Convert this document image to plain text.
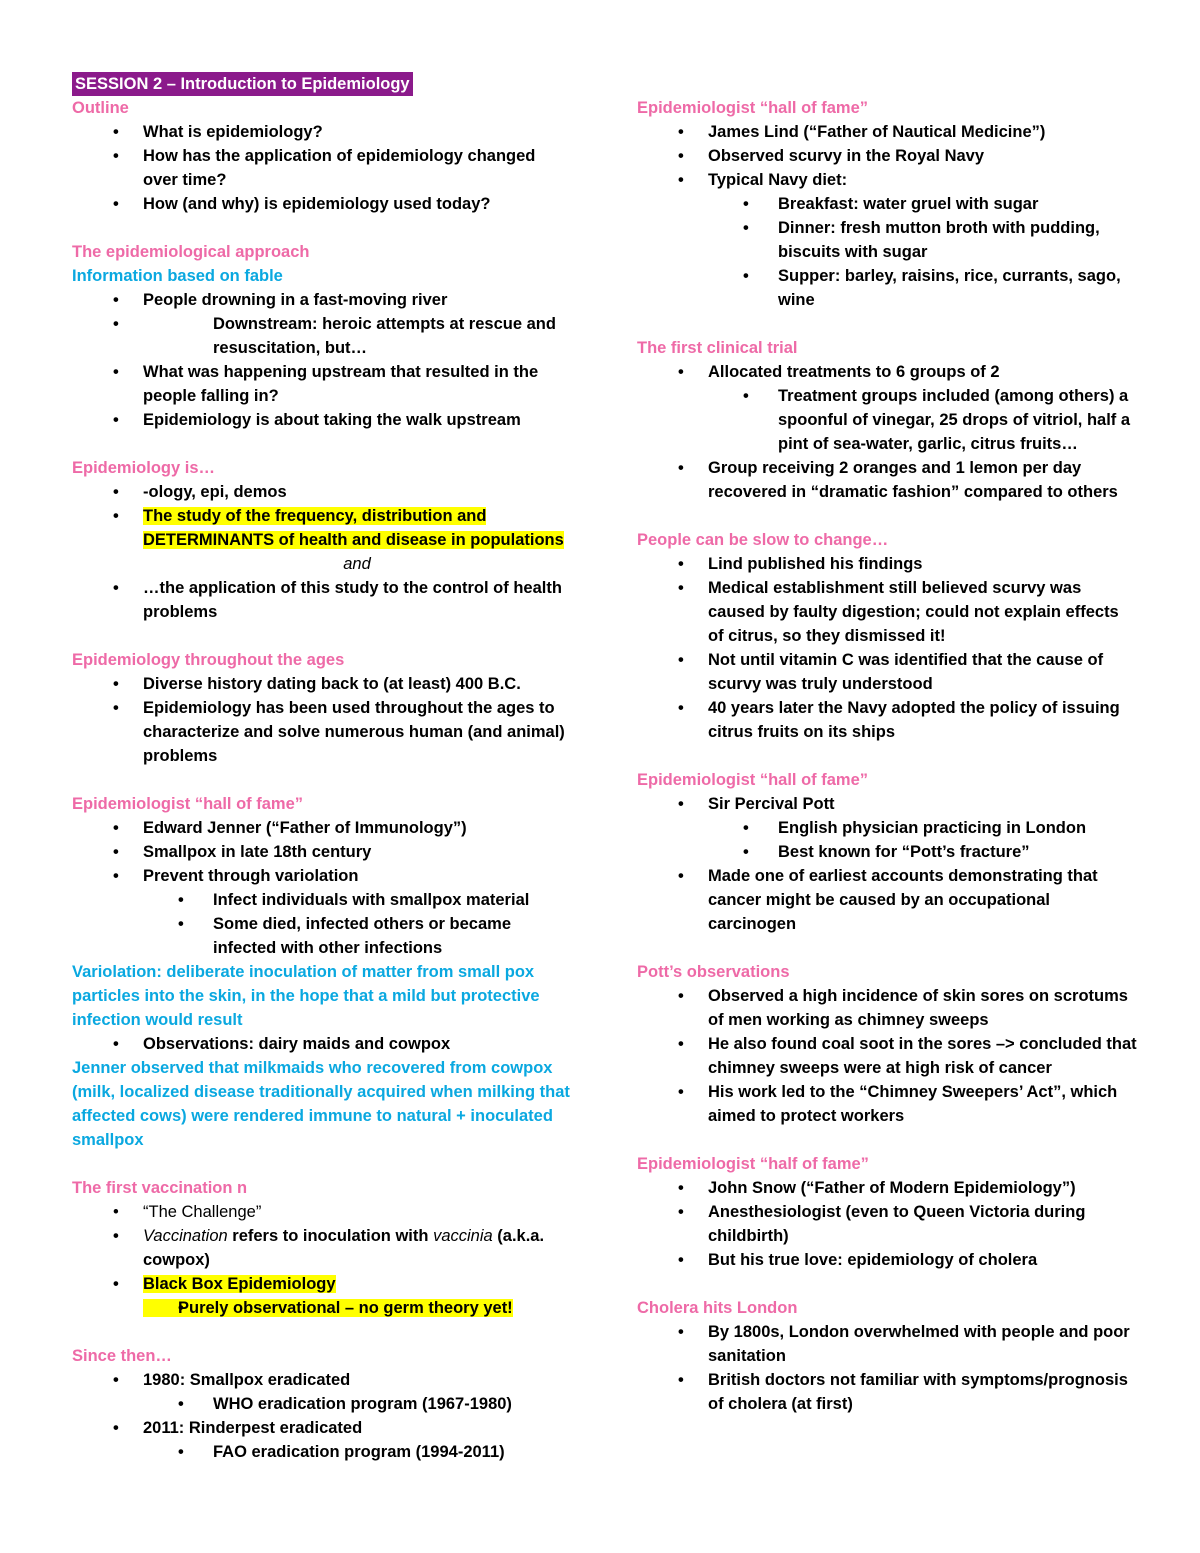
SESSION 2 – Introduction to Epidemiology
Outline
• What is epidemiology?
• How has the application of epidemiology changed over time?
• How (and why) is epidemiology used today?
The epidemiological approach
Information based on fable
• People drowning in a fast-moving river
• Downstream: heroic attempts at rescue and resuscitation, but…
• What was happening upstream that resulted in the people falling in?
• Epidemiology is about taking the walk upstream
Epidemiology is…
• -ology, epi, demos
• The study of the frequency, distribution and DETERMINANTS of health and disease in populations
and
• …the application of this study to the control of health problems
Epidemiology throughout the ages
• Diverse history dating back to (at least) 400 B.C.
• Epidemiology has been used throughout the ages to characterize and solve numerous human (and animal) problems
Epidemiologist “hall of fame”
• Edward Jenner (“Father of Immunology”)
• Smallpox in late 18th century
• Prevent through variolation
• Infect individuals with smallpox material
• Some died, infected others or became infected with other infections
Variolation: deliberate inoculation of matter from small pox particles into the skin, in the hope that a mild but protective infection would result
• Observations: dairy maids and cowpox
Jenner observed that milkmaids who recovered from cowpox (milk, localized disease traditionally acquired when milking that affected cows) were rendered immune to natural + inoculated smallpox
The first vaccination n
• “The Challenge”
• Vaccination refers to inoculation with vaccinia (a.k.a. cowpox)
• Black Box Epidemiology
• Purely observational – no germ theory yet!
Since then…
• 1980: Smallpox eradicated
• WHO eradication program (1967-1980)
• 2011: Rinderpest eradicated
• FAO eradication program (1994-2011)
Epidemiologist “hall of fame”
• James Lind (“Father of Nautical Medicine”)
• Observed scurvy in the Royal Navy
• Typical Navy diet:
• Breakfast: water gruel with sugar
• Dinner: fresh mutton broth with pudding, biscuits with sugar
• Supper: barley, raisins, rice, currants, sago, wine
The first clinical trial
• Allocated treatments to 6 groups of 2
• Treatment groups included (among others) a spoonful of vinegar, 25 drops of vitriol, half a pint of sea-water, garlic, citrus fruits…
• Group receiving 2 oranges and 1 lemon per day recovered in “dramatic fashion” compared to others
People can be slow to change…
• Lind published his findings
• Medical establishment still believed scurvy was caused by faulty digestion; could not explain effects of citrus, so they dismissed it!
• Not until vitamin C was identified that the cause of scurvy was truly understood
• 40 years later the Navy adopted the policy of issuing citrus fruits on its ships
Epidemiologist “hall of fame”
• Sir Percival Pott
• English physician practicing in London
• Best known for “Pott’s fracture”
• Made one of earliest accounts demonstrating that cancer might be caused by an occupational carcinogen
Pott’s observations
• Observed a high incidence of skin sores on scrotums of men working as chimney sweeps
• He also found coal soot in the sores –> concluded that chimney sweeps were at high risk of cancer
• His work led to the “Chimney Sweepers’ Act”, which aimed to protect workers
Epidemiologist “half of fame”
• John Snow (“Father of Modern Epidemiology”)
• Anesthesiologist (even to Queen Victoria during childbirth)
• But his true love: epidemiology of cholera
Cholera hits London
• By 1800s, London overwhelmed with people and poor sanitation
• British doctors not familiar with symptoms/prognosis of cholera (at first)
